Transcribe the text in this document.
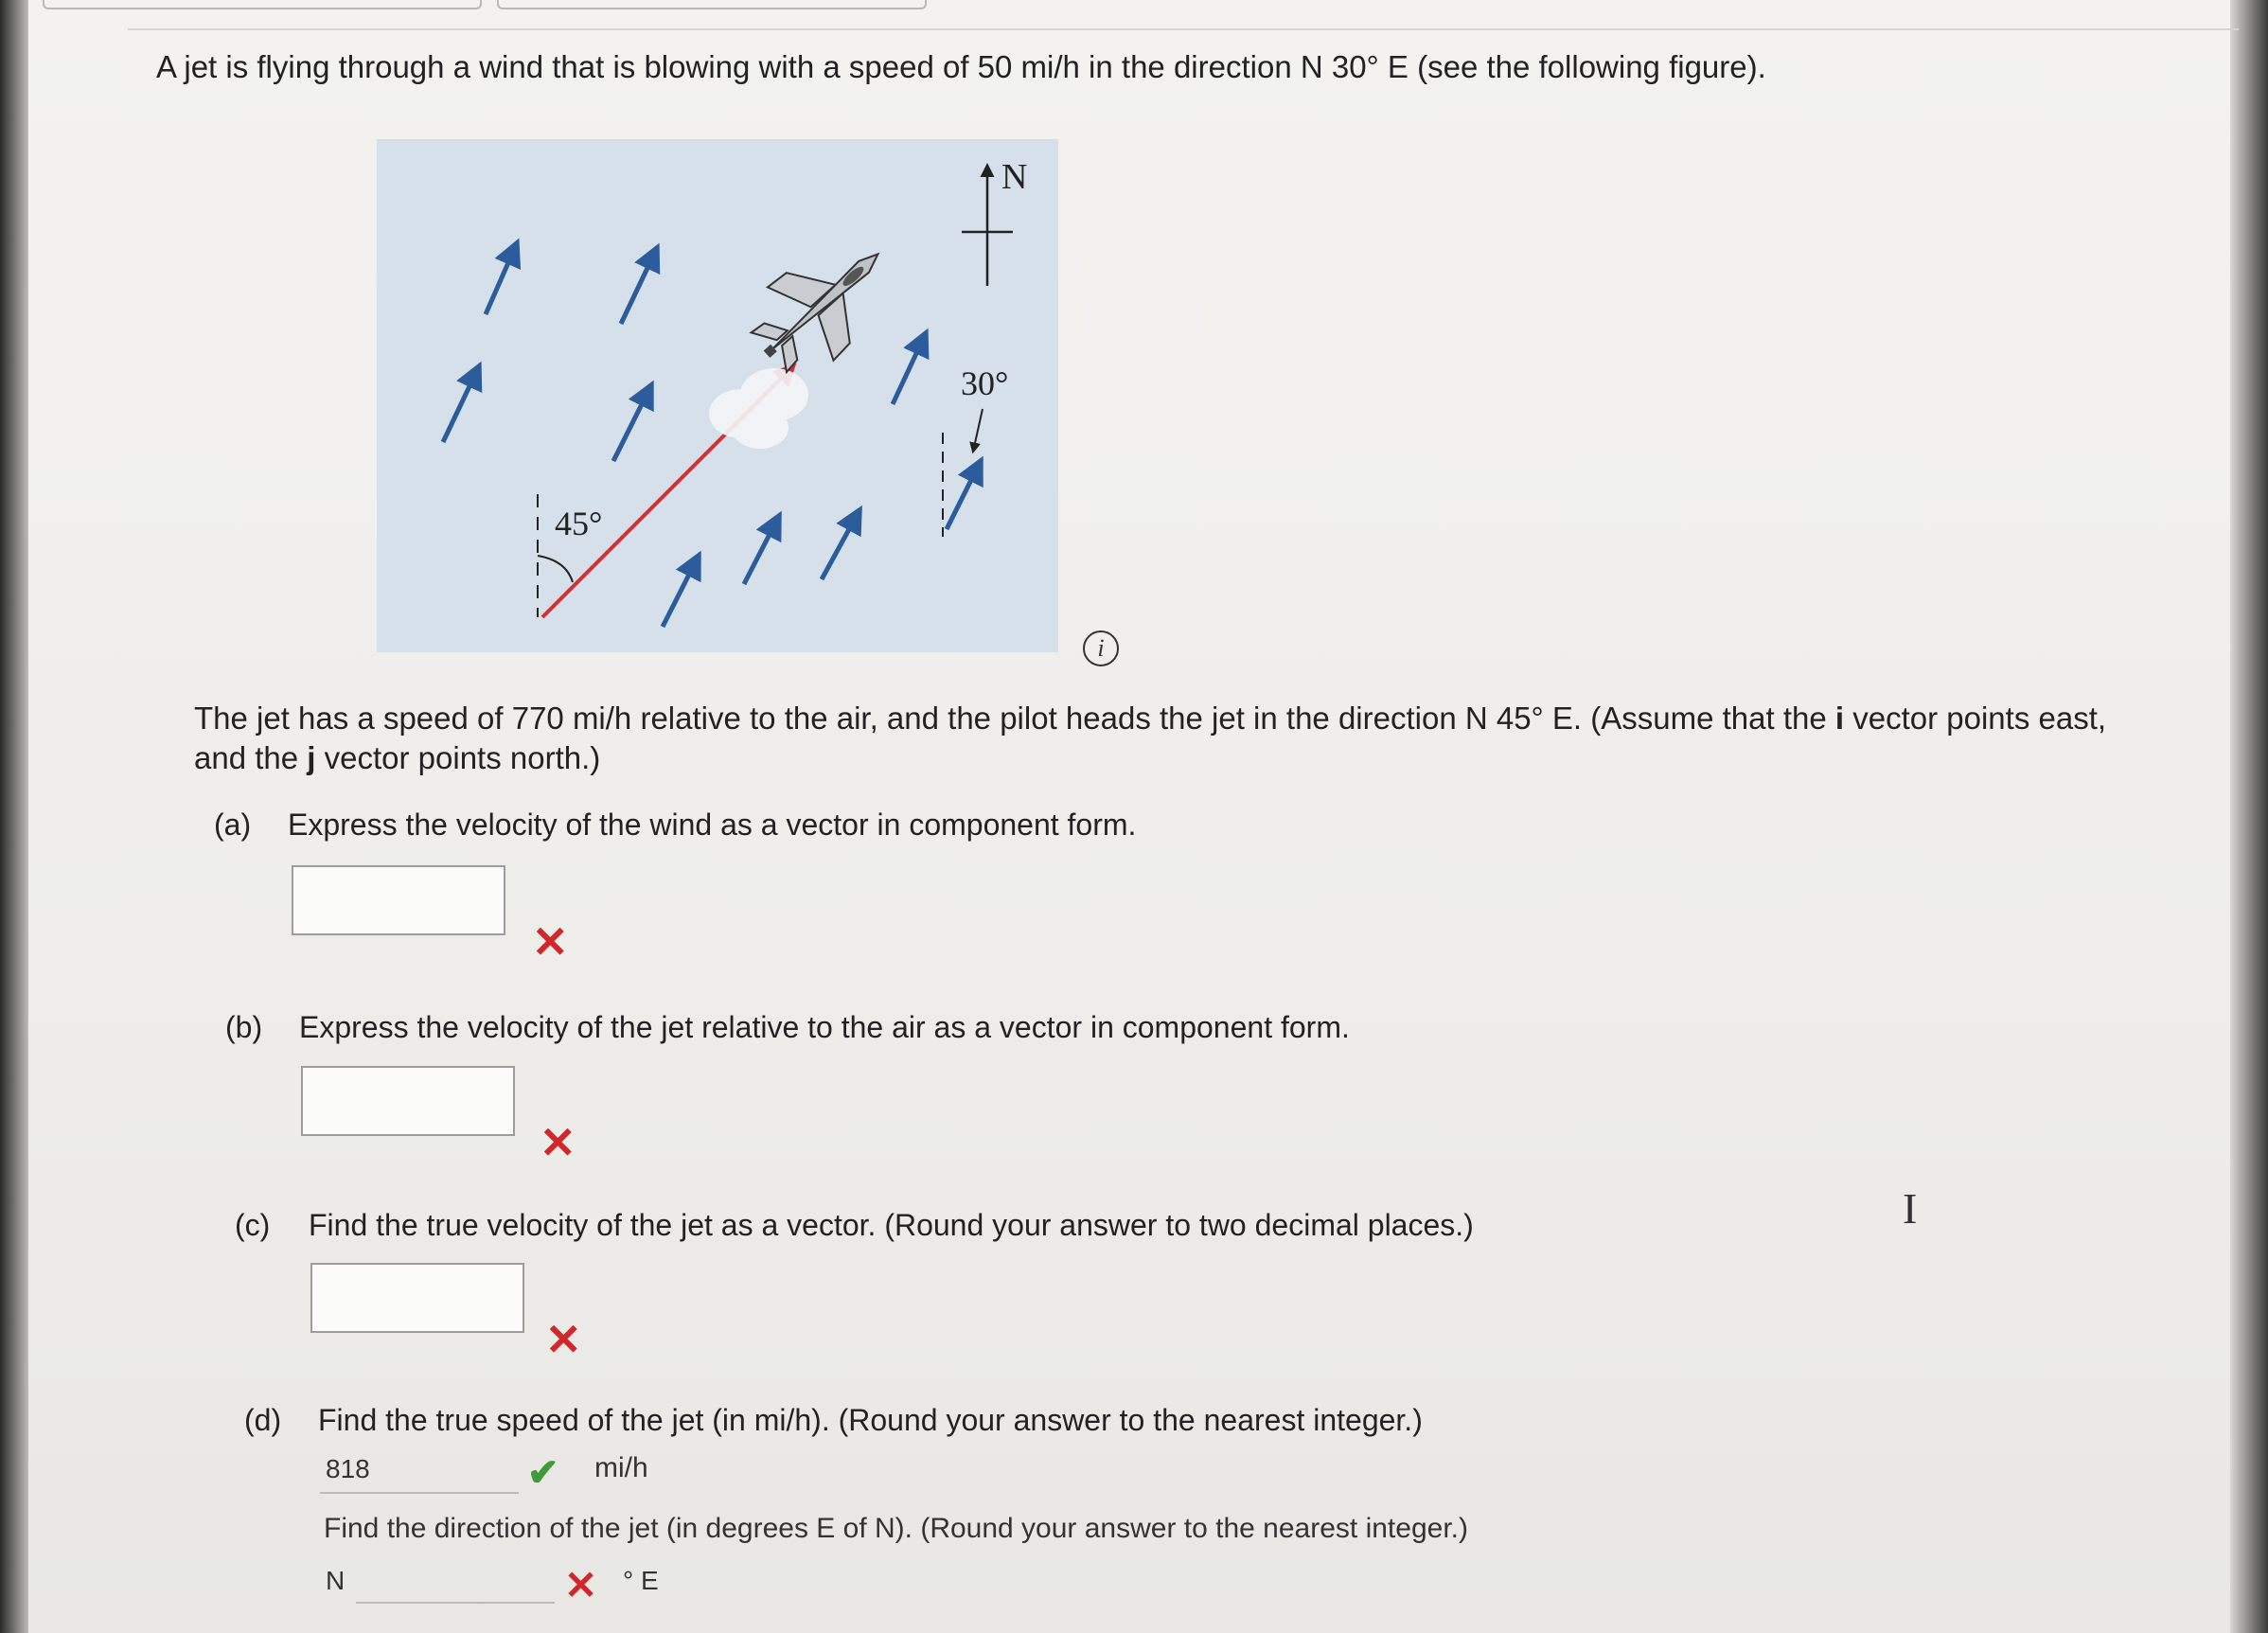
A jet is flying through a wind that is blowing with a speed of 50 mi/h in the direction N 30° E (see the following figure).
45°
N
30°
i
The jet has a speed of 770 mi/h relative to the air, and the pilot heads the jet in the direction N 45° E. (Assume that the i vector points east,
and the j vector points north.)
(a) Express the velocity of the wind as a vector in component form.
✕
(b) Express the velocity of the jet relative to the air as a vector in component form.
✕
(c) Find the true velocity of the jet as a vector. (Round your answer to two decimal places.)
✕
(d) Find the true speed of the jet (in mi/h). (Round your answer to the nearest integer.)
818	✔ mi/h
Find the direction of the jet (in degrees E of N). (Round your answer to the nearest integer.)
N	✕ ° E
I
